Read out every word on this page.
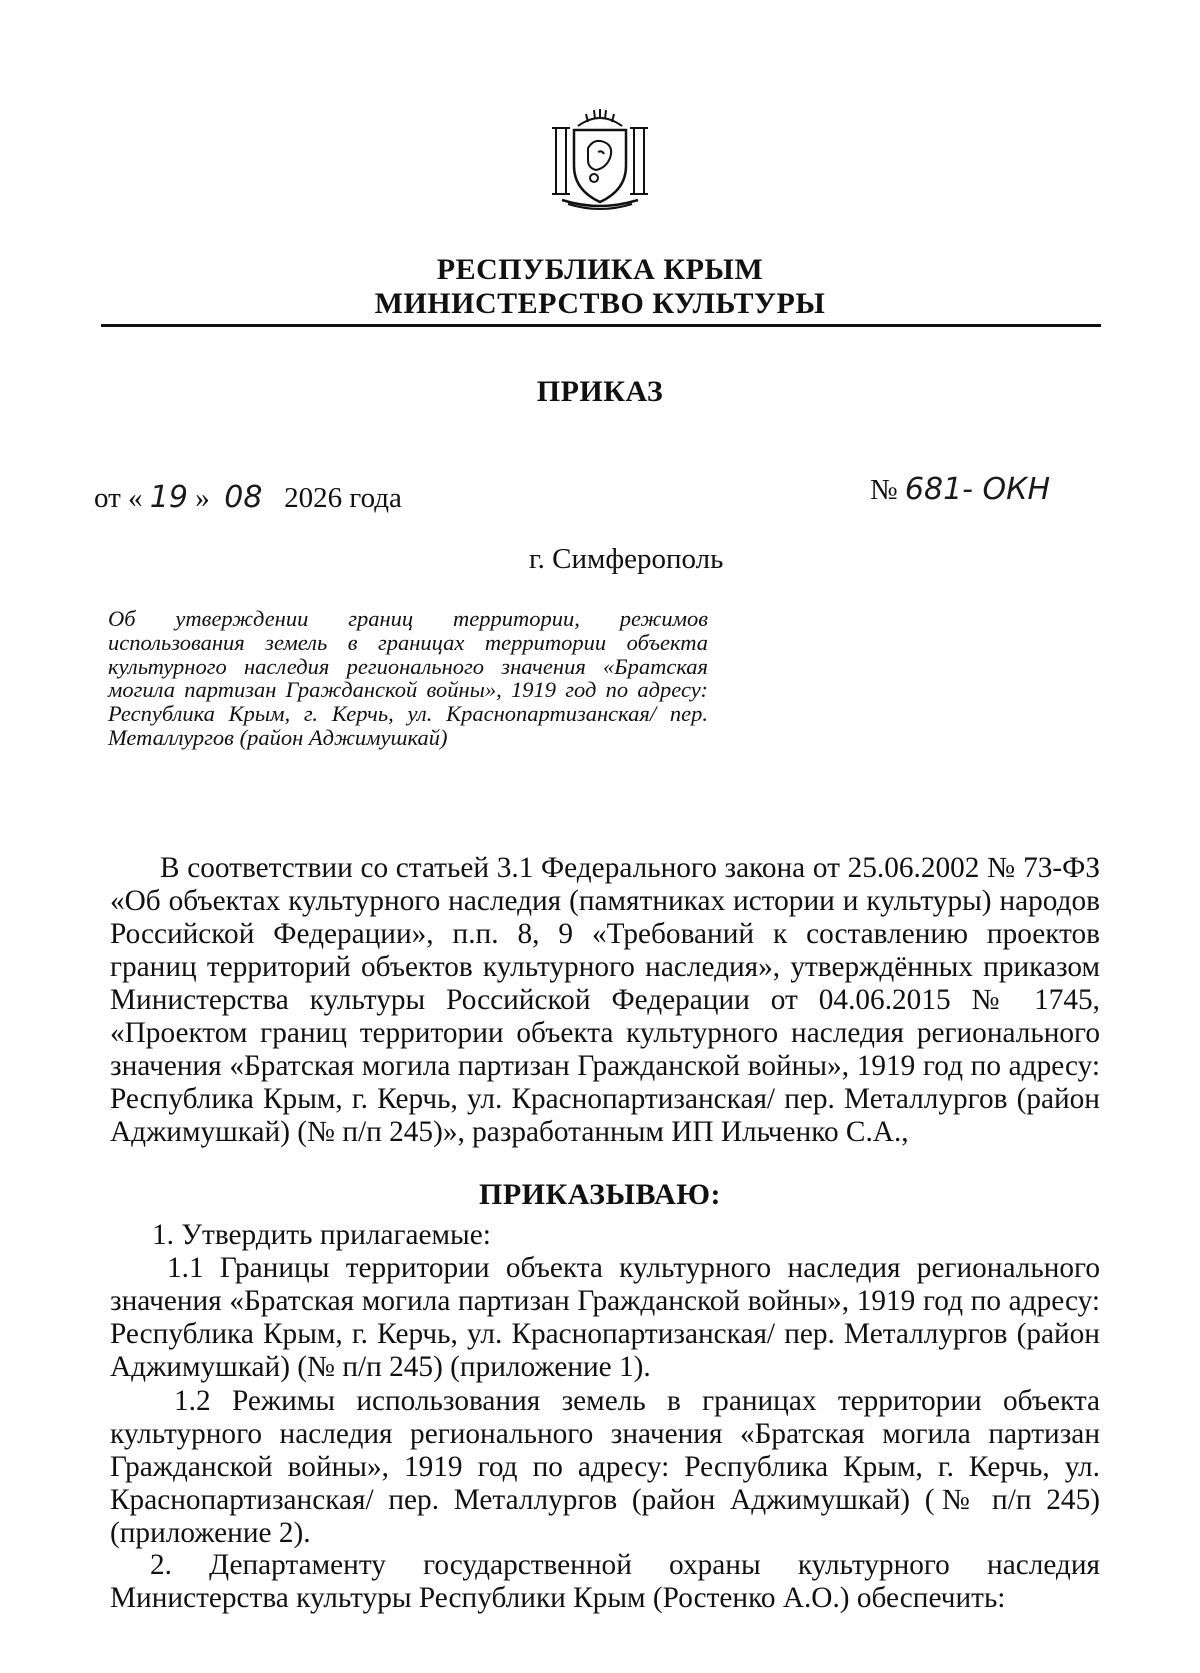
РЕСПУБЛИКА КРЫМ
МИНИСТЕРСТВО КУЛЬТУРЫ
ПРИКАЗ
от « 19 » 08 2026 года	№ 681- ОКН
г. Симферополь
Об утверждении границ территории, режимов использования земель в границах территории объекта культурного наследия регионального значения «Братская могила партизан Гражданской войны», 1919 год по адресу: Республика Крым, г. Керчь, ул. Краснопартизанская/ пер. Металлургов (район Аджимушкай)
В соответствии со статьей 3.1 Федерального закона от 25.06.2002 № 73-ФЗ «Об объектах культурного наследия (памятниках истории и культуры) народов Российской Федерации», п.п. 8, 9 «Требований к составлению проектов границ территорий объектов культурного наследия», утверждённых приказом Министерства культуры Российской Федерации от 04.06.2015 № 1745, «Проектом границ территории объекта культурного наследия регионального значения «Братская могила партизан Гражданской войны», 1919 год по адресу: Республика Крым, г. Керчь, ул. Краснопартизанская/ пер. Металлургов (район Аджимушкай) (№ п/п 245)», разработанным ИП Ильченко С.А.,
ПРИКАЗЫВАЮ:
1. Утвердить прилагаемые:
1.1 Границы территории объекта культурного наследия регионального значения «Братская могила партизан Гражданской войны», 1919 год по адресу: Республика Крым, г. Керчь, ул. Краснопартизанская/ пер. Металлургов (район Аджимушкай) (№ п/п 245) (приложение 1).
1.2 Режимы использования земель в границах территории объекта культурного наследия регионального значения «Братская могила партизан Гражданской войны», 1919 год по адресу: Республика Крым, г. Керчь, ул. Краснопартизанская/ пер. Металлургов (район Аджимушкай) (№ п/п 245) (приложение 2).
2. Департаменту государственной охраны культурного наследия Министерства культуры Республики Крым (Ростенко А.О.) обеспечить:
